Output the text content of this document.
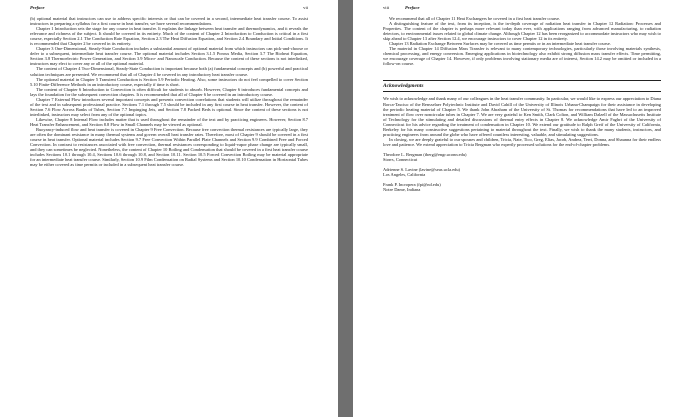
Preface	vii

(b) optional material that instructors can use to address specific interests or that can be covered in a second, intermediate heat transfer course. To assist instructors in preparing a syllabus for a first course in heat transfer, we have several recommendations.

Chapter 1 Introduction sets the stage for any course in heat transfer. It explains the linkage between heat transfer and thermodynamics, and it reveals the relevance and richness of the subject. It should be covered in its entirety. Much of the content of Chapter 2 Introduction to Conduction is critical in a first course, especially Section 2.1 The Conduction Rate Equation, Section 2.3 The Heat Diffusion Equation, and Section 2.4 Boundary and Initial Conditions. It is recommended that Chapter 2 be covered in its entirety.

Chapter 3 One-Dimensional, Steady-State Conduction includes a substantial amount of optional material from which instructors can pick-and-choose or defer to a subsequent, intermediate heat transfer course. The optional material includes Section 3.1.5 Porous Media, Section 3.7 The Bioheat Equation, Section 3.8 Thermoelectric Power Generation, and Section 3.9 Micro- and Nanoscale Conduction. Because the content of these sections is not interlinked, instructors may elect to cover any or all of the optional material.

The content of Chapter 4 Two-Dimensional, Steady-State Conduction is important because both (a) fundamental concepts and (b) powerful and practical solution techniques are presented. We recommend that all of Chapter 4 be covered in any introductory heat transfer course.

The optional material in Chapter 5 Transient Conduction is Section 5.9 Periodic Heating. Also, some instructors do not feel compelled to cover Section 5.10 Finite-Difference Methods in an introductory course, especially if time is short.

The content of Chapter 6 Introduction to Convection is often difficult for students to absorb. However, Chapter 6 introduces fundamental concepts and lays the foundation for the subsequent convection chapters. It is recommended that all of Chapter 6 be covered in an introductory course.

Chapter 7 External Flow introduces several important concepts and presents convection correlations that students will utilize throughout the remainder of the text and in subsequent professional practice. Sections 7.1 through 7.5 should be included in any first course in heat transfer. However, the content of Section 7.6 Flow Across Banks of Tubes, Section 7.7 Impinging Jets, and Section 7.8 Packed Beds is optional. Since the content of these sections is not interlinked, instructors may select from any of the optional topics.

Likewise, Chapter 8 Internal Flow includes matter that is used throughout the remainder of the text and by practicing engineers. However, Section 8.7 Heat Transfer Enhancement, and Section 8.8 Flow in Small Channels may be viewed as optional.

Buoyancy-induced flow and heat transfer is covered in Chapter 9 Free Convection. Because free convection thermal resistances are typically large, they are often the dominant resistance in many thermal systems and govern overall heat transfer rates. Therefore, most of Chapter 9 should be covered in a first course in heat transfer. Optional material includes Section 9.7 Free Convection Within Parallel Plate Channels and Section 9.9 Combined Free and Forced Convection. In contrast to resistances associated with free convection, thermal resistances corresponding to liquid-vapor phase change are typically small, and they can sometimes be neglected. Nonetheless, the content of Chapter 10 Boiling and Condensation that should be covered in a first heat transfer course includes Sections 10.1 through 10.4, Sections 10.6 through 10.8, and Section 10.11. Section 10.5 Forced Convection Boiling may be material appropriate for an intermediate heat transfer course. Similarly, Section 10.9 Film Condensation on Radial Systems and Section 10.10 Condensation in Horizontal Tubes may be either covered as time permits or included in a subsequent heat transfer course.

viii	Preface

We recommend that all of Chapter 11 Heat Exchangers be covered in a first heat transfer course.

A distinguishing feature of the text, from its inception, is the in-depth coverage of radiation heat transfer in Chapter 12 Radiation: Processes and Properties. The content of the chapter is perhaps more relevant today than ever, with applications ranging from advanced manufacturing, to radiation detectors, to environmental issues related to global climate change. Although Chapter 12 has been reorganized to accommodate instructors who may wish to skip ahead to Chapter 13 after Section 12.4, we encourage instructors to cover Chapter 12 in its entirety.

Chapter 13 Radiation Exchange Between Surfaces may be covered as time permits or in an intermediate heat transfer course.

The material in Chapter 14 Diffusion Mass Transfer is relevant to many contemporary technologies, particularly those involving materials synthesis, chemical processing, and energy conversion. Emerging applications in biotechnology also exhibit strong diffusion mass transfer effects. Time permitting, we encourage coverage of Chapter 14. However, if only problems involving stationary media are of interest, Section 14.2 may be omitted or included in a follow-on course.

Acknowledgments

We wish to acknowledge and thank many of our colleagues in the heat transfer community. In particular, we would like to express our appreciation to Diana Borca-Tasciuc of the Rensselaer Polytechnic Institute and David Cahill of the University of Illinois Urbana-Champaign for their assistance in developing the periodic heating material of Chapter 5. We thank John Abraham of the University of St. Thomas for recommendations that have led to an improved treatment of flow over noncircular tubes in Chapter 7. We are very grateful to Ken Smith, Clark Colton, and William Dalzell of the Massachusetts Institute of Technology for the stimulating and detailed discussions of thermal entry effects in Chapter 8. We acknowledge Amir Faghri of the University of Connecticut for his advice regarding the treatment of condensation in Chapter 10. We extend our gratitude to Ralph Greif of the University of California, Berkeley for his many constructive suggestions pertaining to material throughout the text. Finally, we wish to thank the many students, instructors, and practicing engineers from around the globe who have offered countless interesting, valuable, and stimulating suggestions.

In closing, we are deeply grateful to our spouses and children, Tricia, Nate, Tico, Greg, Elias, Jacob, Andrea, Terri, Donna, and Shaunna for their endless love and patience. We extend appreciation to Tricia Bergman who expertly processed solutions for the end-of-chapter problems.

Theodore L. Bergman (tberg@engr.uconn.edu)
Storrs, Connecticut
Adrienne S. Lavine (lavine@seas.ucla.edu)
Los Angeles, California
Frank P. Incropera (fpi@nd.edu)
Notre Dame, Indiana
